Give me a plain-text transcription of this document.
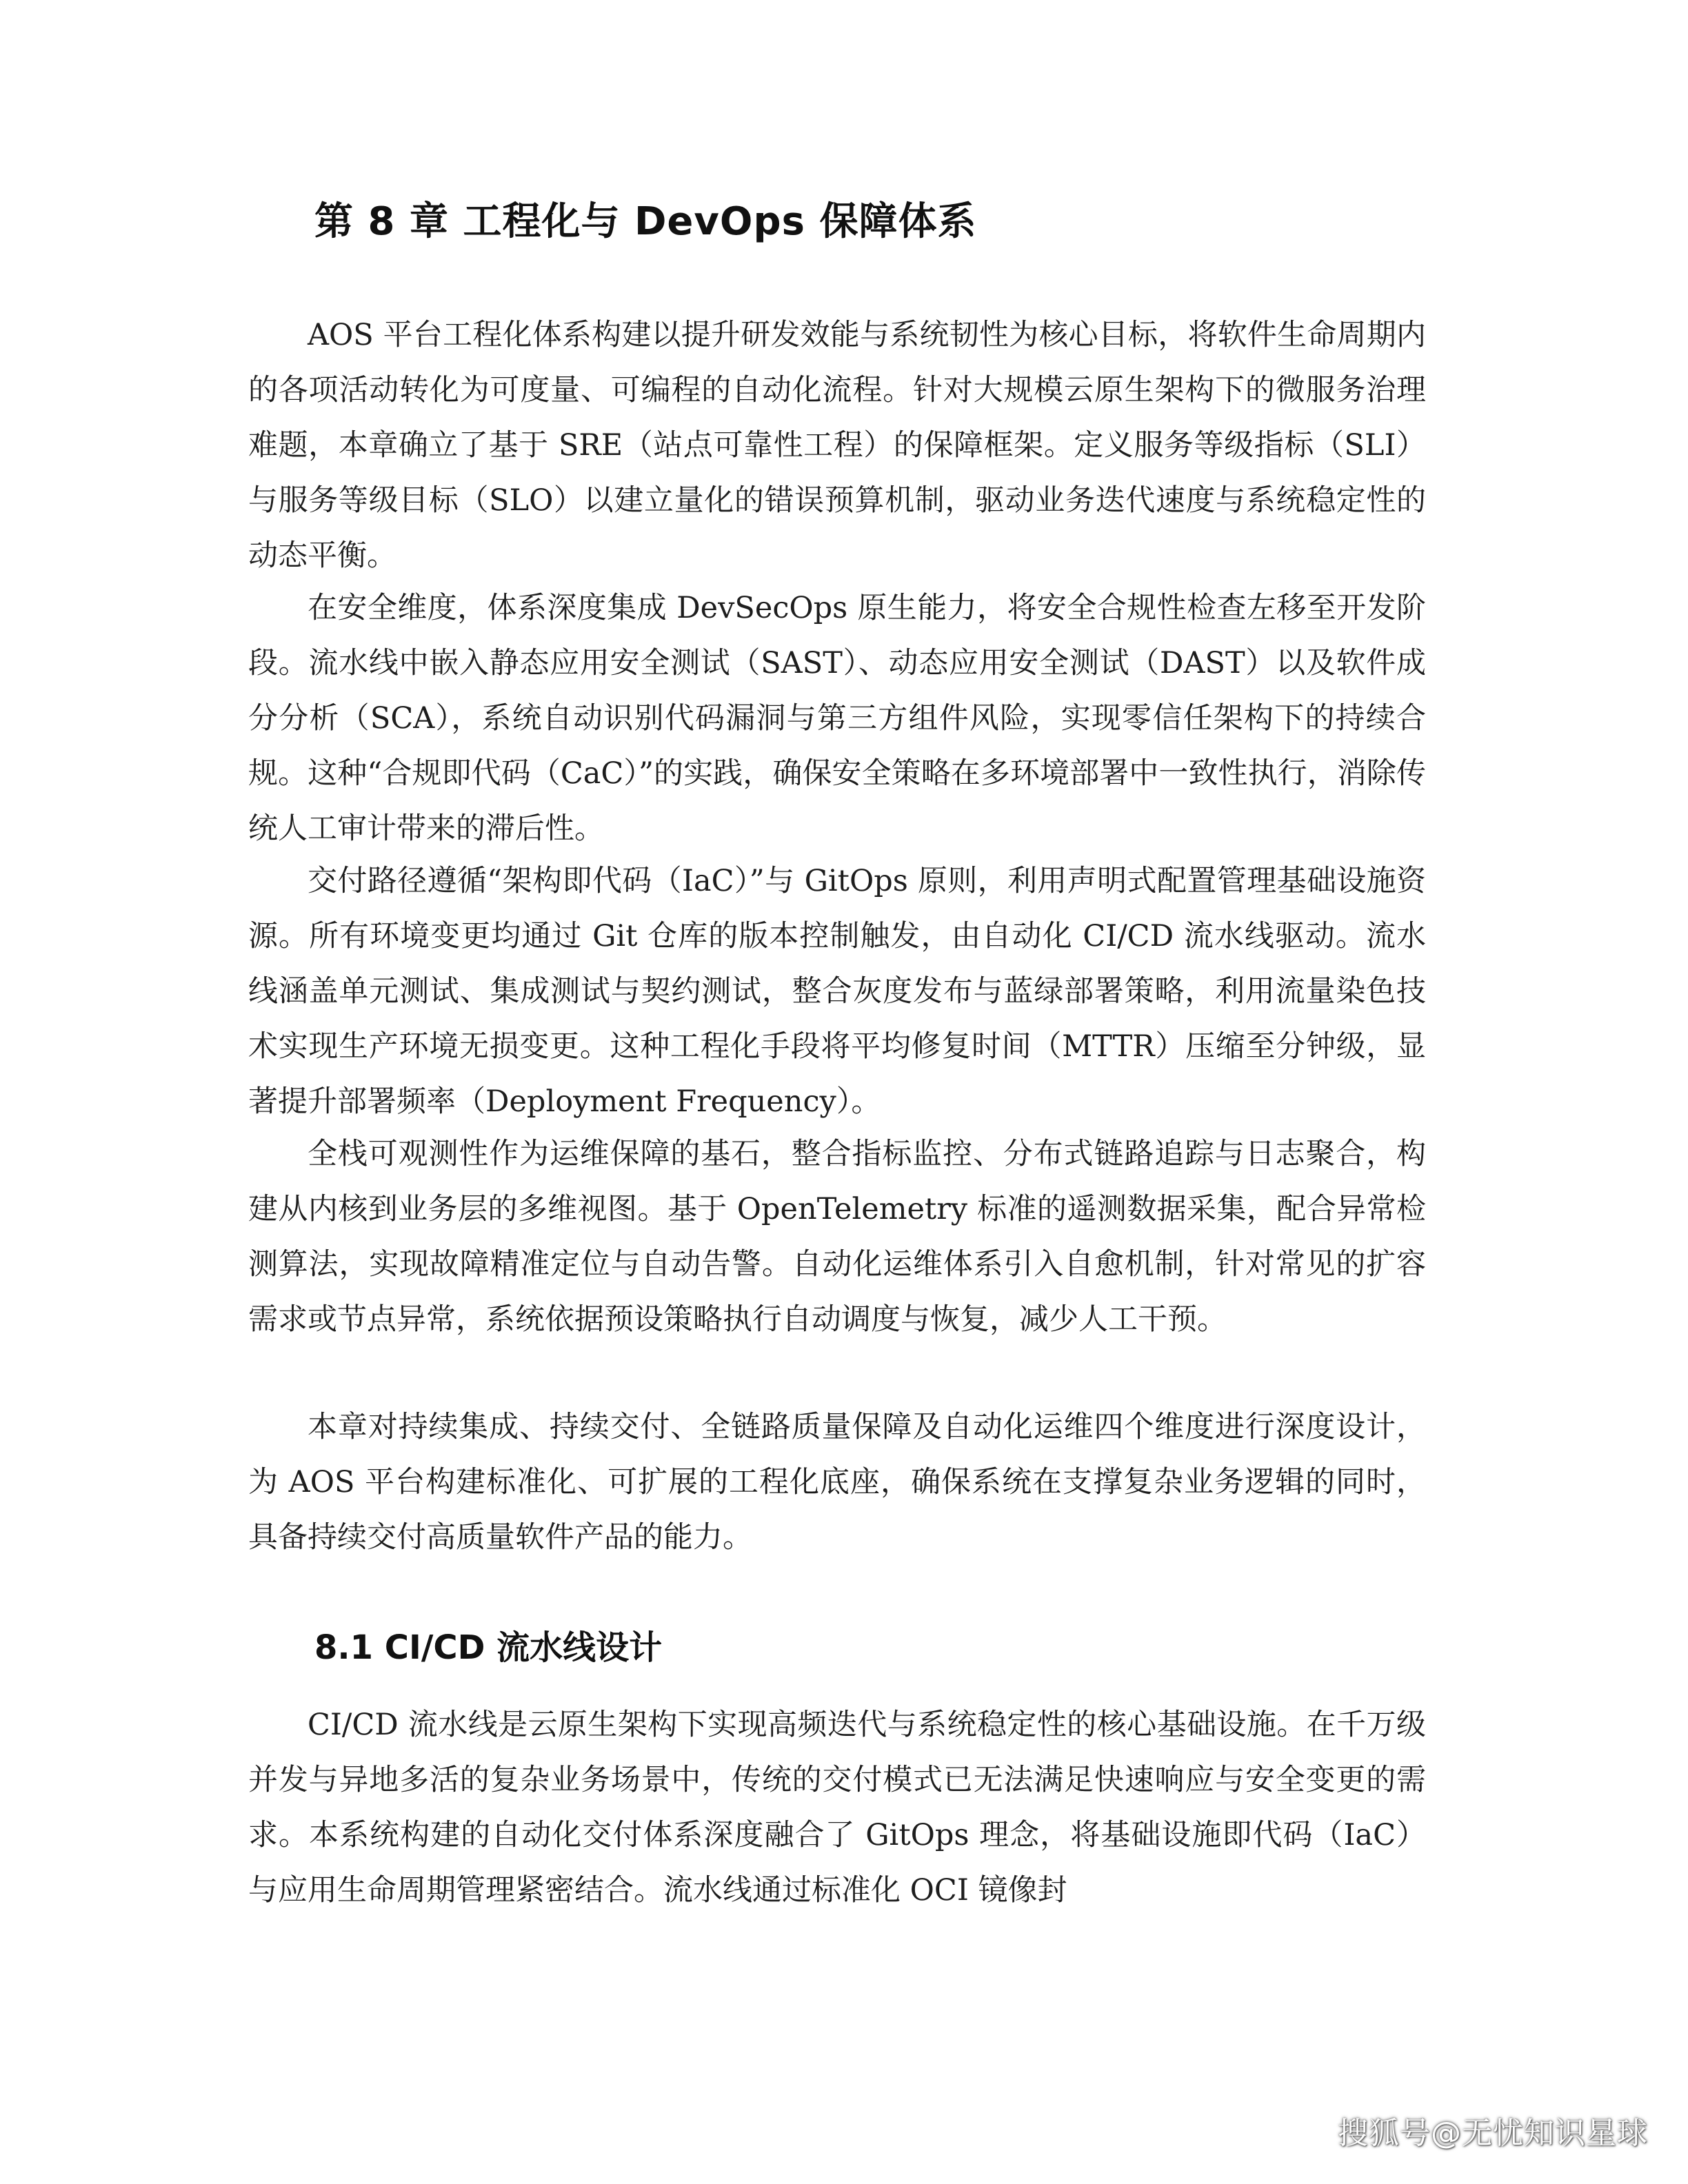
第 8 章 工程化与 DevOps 保障体系

AOS 平台工程化体系构建以提升研发效能与系统韧性为核心目标，将软件生命周期内的各项活动转化为可度量、可编程的自动化流程。针对大规模云原生架构下的微服务治理难题，本章确立了基于 SRE（站点可靠性工程）的保障框架。定义服务等级指标（SLI）与服务等级目标（SLO）以建立量化的错误预算机制，驱动业务迭代速度与系统稳定性的动态平衡。

在安全维度，体系深度集成 DevSecOps 原生能力，将安全合规性检查左移至开发阶段。流水线中嵌入静态应用安全测试（SAST）、动态应用安全测试（DAST）以及软件成分分析（SCA），系统自动识别代码漏洞与第三方组件风险，实现零信任架构下的持续合规。这种“合规即代码（CaC）”的实践，确保安全策略在多环境部署中一致性执行，消除传统人工审计带来的滞后性。

交付路径遵循“架构即代码（IaC）”与 GitOps 原则，利用声明式配置管理基础设施资源。所有环境变更均通过 Git 仓库的版本控制触发，由自动化 CI/CD 流水线驱动。流水线涵盖单元测试、集成测试与契约测试，整合灰度发布与蓝绿部署策略，利用流量染色技术实现生产环境无损变更。这种工程化手段将平均修复时间（MTTR）压缩至分钟级，显著提升部署频率（Deployment Frequency）。

全栈可观测性作为运维保障的基石，整合指标监控、分布式链路追踪与日志聚合，构建从内核到业务层的多维视图。基于 OpenTelemetry 标准的遥测数据采集，配合异常检测算法，实现故障精准定位与自动告警。自动化运维体系引入自愈机制，针对常见的扩容需求或节点异常，系统依据预设策略执行自动调度与恢复，减少人工干预。

本章对持续集成、持续交付、全链路质量保障及自动化运维四个维度进行深度设计，为 AOS 平台构建标准化、可扩展的工程化底座，确保系统在支撑复杂业务逻辑的同时，具备持续交付高质量软件产品的能力。

8.1 CI/CD 流水线设计

CI/CD 流水线是云原生架构下实现高频迭代与系统稳定性的核心基础设施。在千万级并发与异地多活的复杂业务场景中，传统的交付模式已无法满足快速响应与安全变更的需求。本系统构建的自动化交付体系深度融合了 GitOps 理念，将基础设施即代码（IaC）与应用生命周期管理紧密结合。流水线通过标准化 OCI 镜像封

搜狐号@无忧知识星球
